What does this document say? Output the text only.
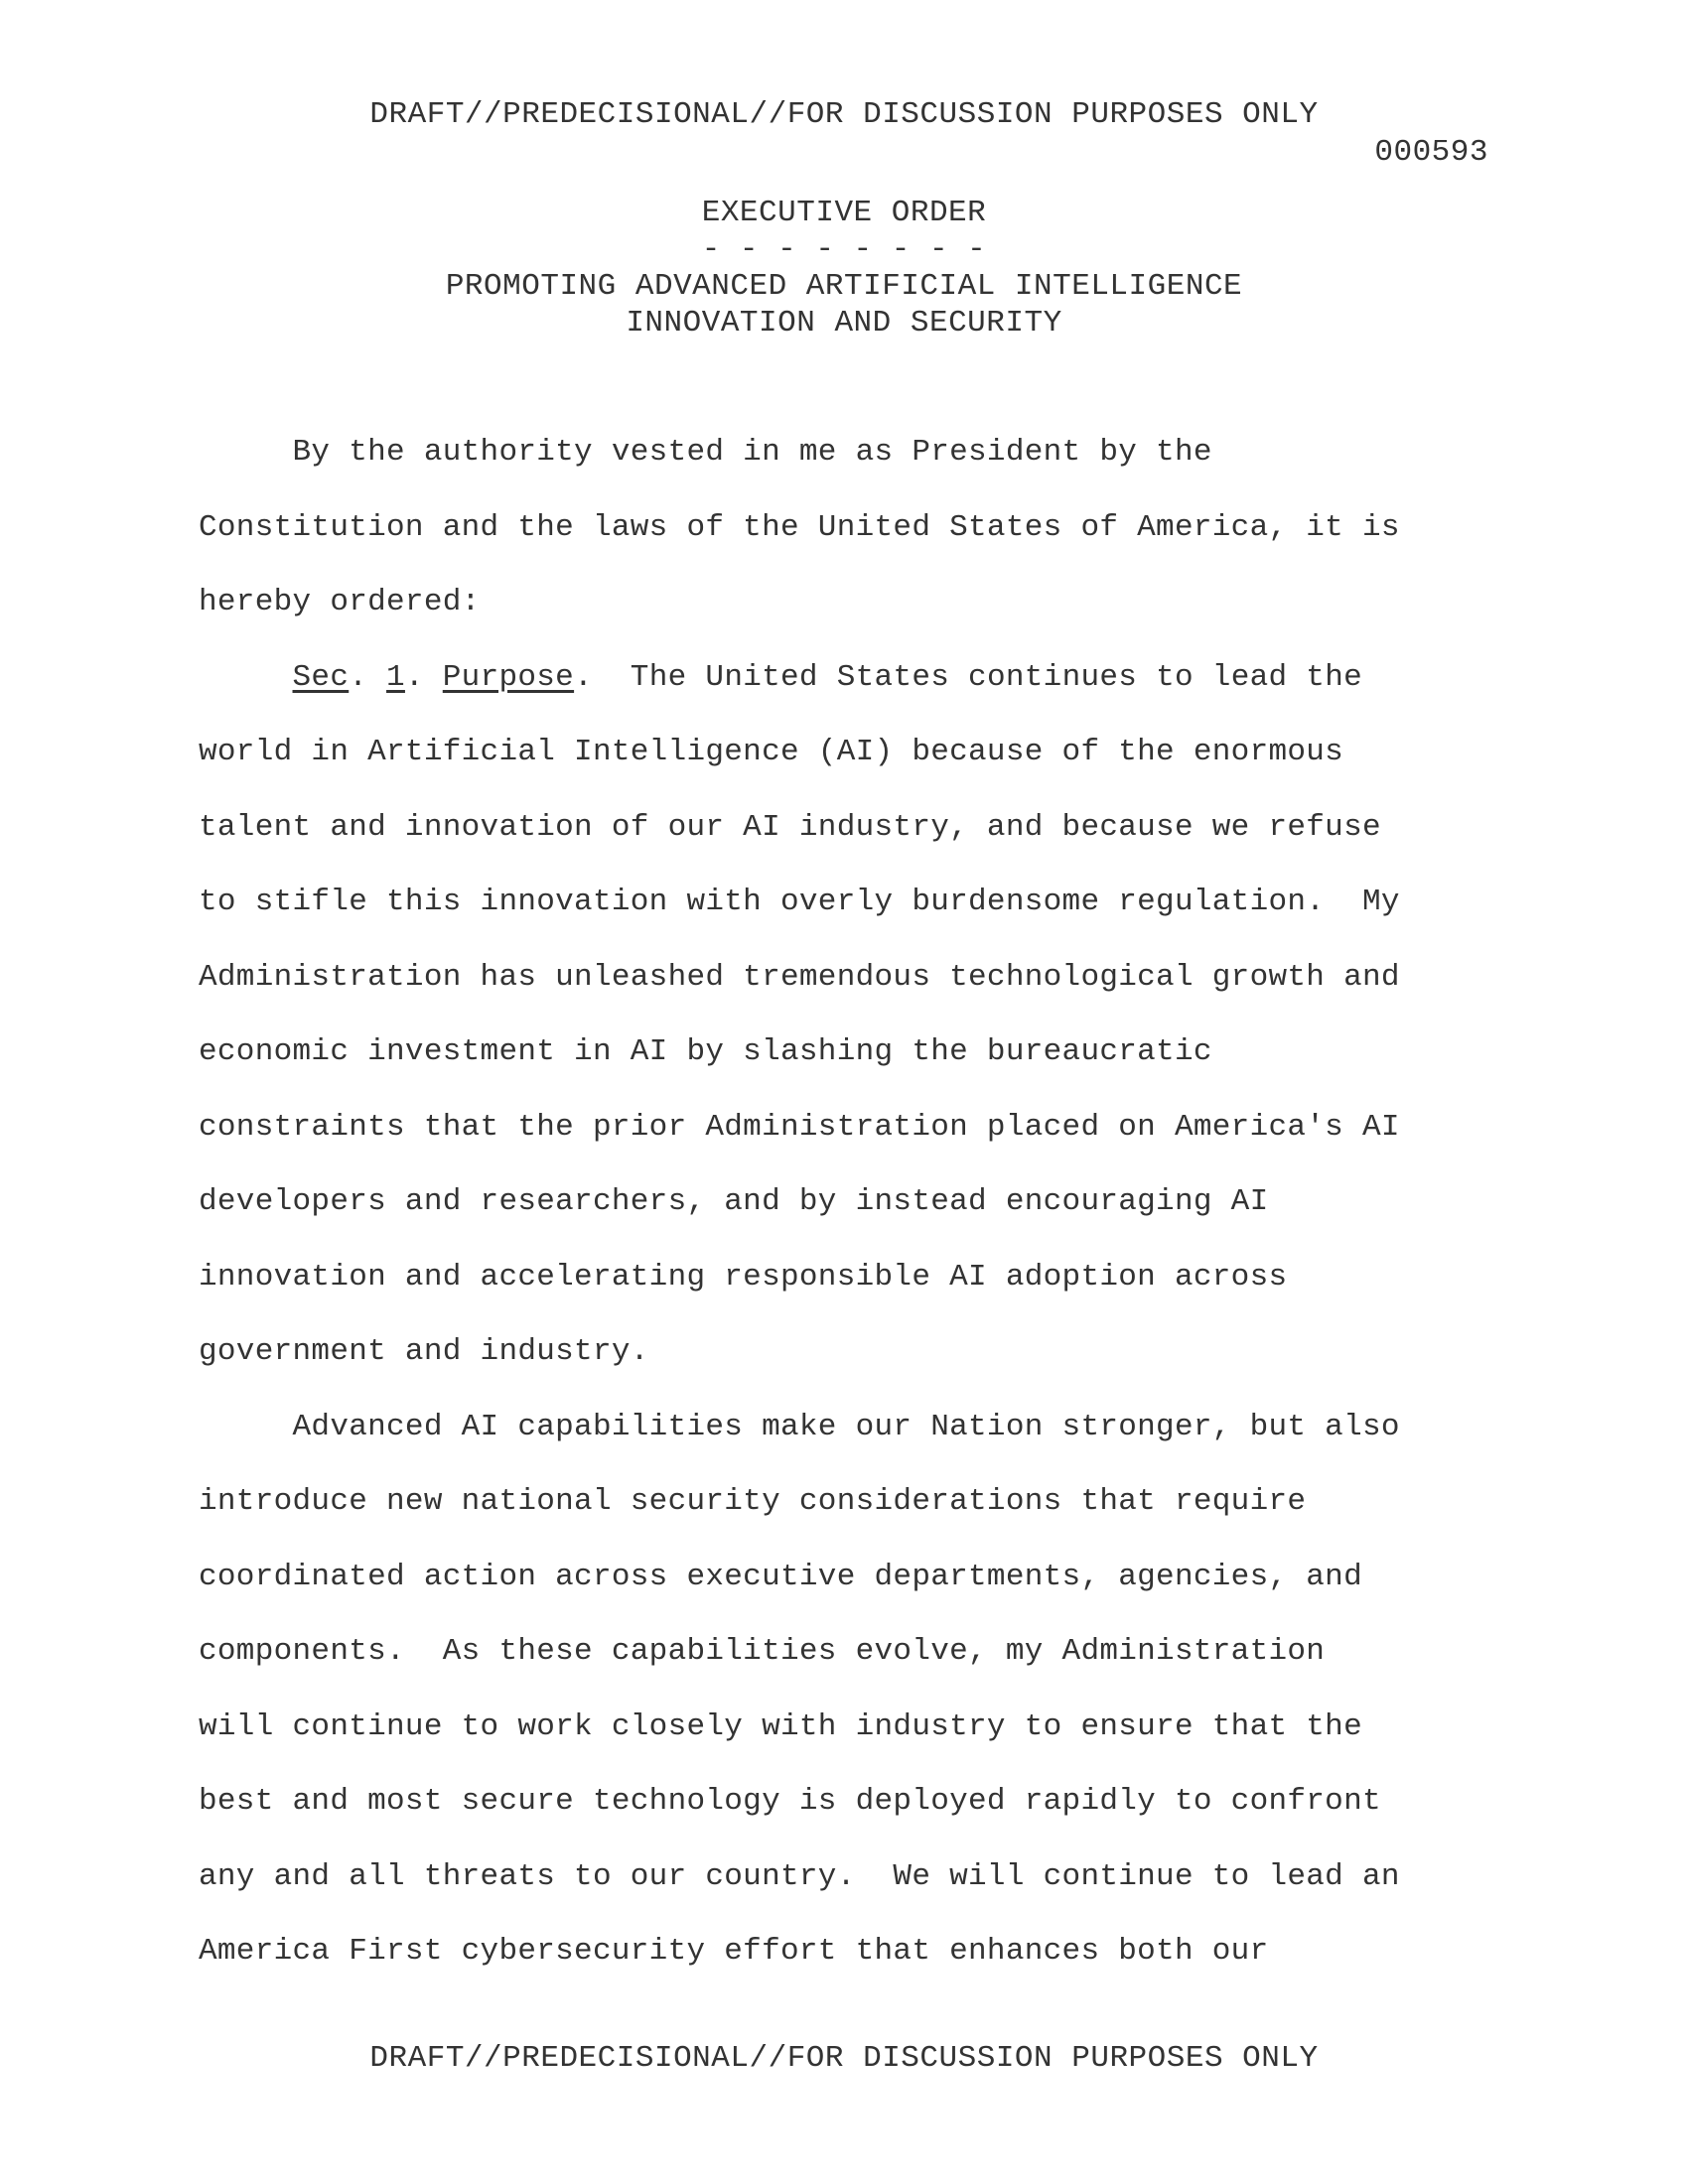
DRAFT//PREDECISIONAL//FOR DISCUSSION PURPOSES ONLY
000593
EXECUTIVE ORDER
- - - - - - - -
PROMOTING ADVANCED ARTIFICIAL INTELLIGENCE
INNOVATION AND SECURITY
By the authority vested in me as President by the
Constitution and the laws of the United States of America, it is
hereby ordered:
Sec. 1. Purpose.  The United States continues to lead the
world in Artificial Intelligence (AI) because of the enormous
talent and innovation of our AI industry, and because we refuse
to stifle this innovation with overly burdensome regulation.  My
Administration has unleashed tremendous technological growth and
economic investment in AI by slashing the bureaucratic
constraints that the prior Administration placed on America's AI
developers and researchers, and by instead encouraging AI
innovation and accelerating responsible AI adoption across
government and industry.
Advanced AI capabilities make our Nation stronger, but also
introduce new national security considerations that require
coordinated action across executive departments, agencies, and
components.  As these capabilities evolve, my Administration
will continue to work closely with industry to ensure that the
best and most secure technology is deployed rapidly to confront
any and all threats to our country.  We will continue to lead an
America First cybersecurity effort that enhances both our
DRAFT//PREDECISIONAL//FOR DISCUSSION PURPOSES ONLY
